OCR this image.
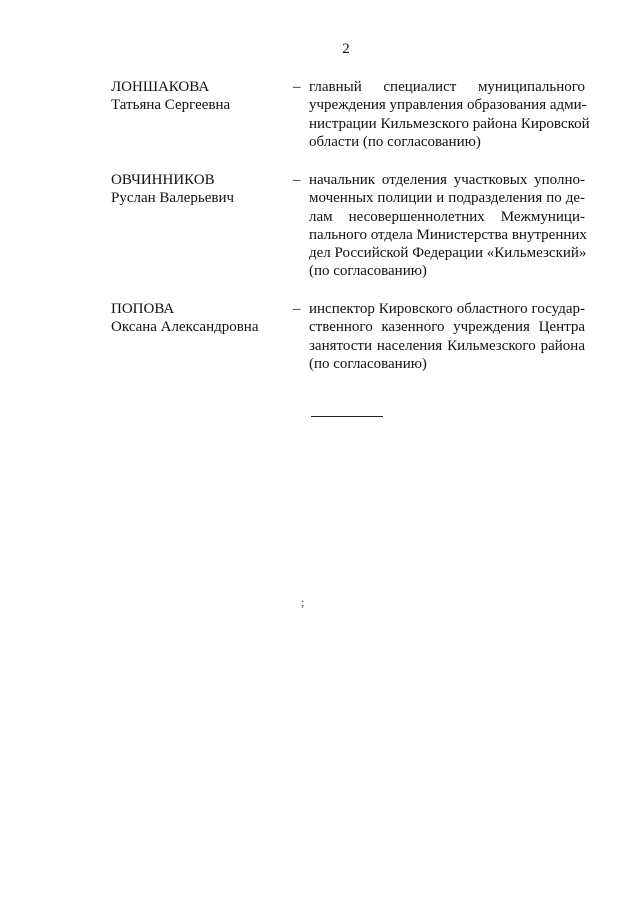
2
ЛОНШАКОВА
Татьяна Сергеевна
– главный специалист муниципального
учреждения управления образования адми-
нистрации Кильмезского района Кировской
области (по согласованию)
ОВЧИННИКОВ
Руслан Валерьевич
– начальник отделения участковых уполно-
моченных полиции и подразделения по де-
лам несовершеннолетних Межмуници-
пального отдела Министерства внутренних
дел Российской Федерации «Кильмезский»
(по согласованию)
ПОПОВА
Оксана Александровна
– инспектор Кировского областного государ-
ственного казенного учреждения Центра
занятости населения Кильмезского района
(по согласованию)
;
